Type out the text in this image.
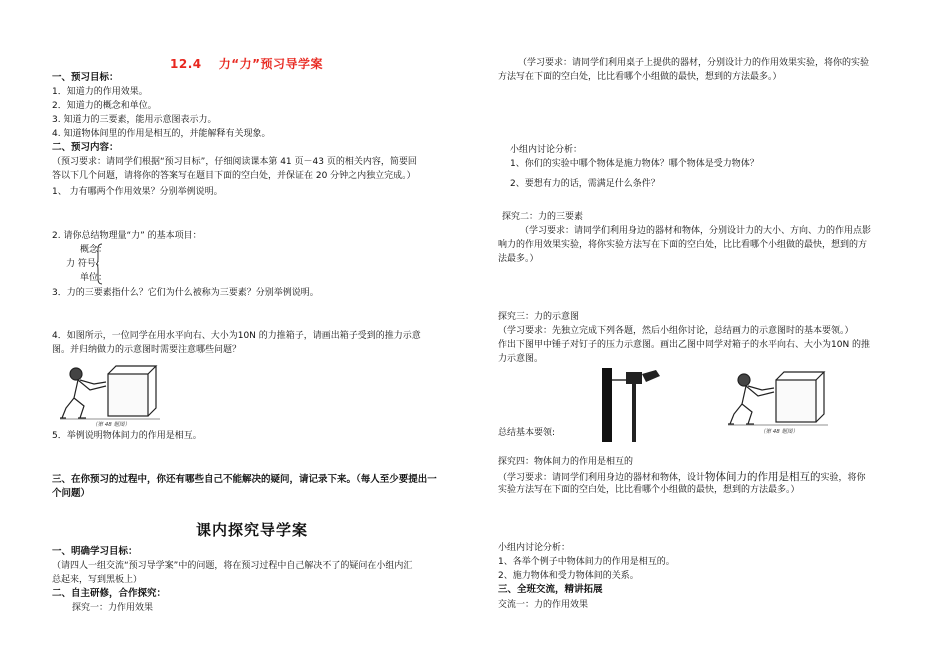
12.4　 力“力”预习导学案
一、预习目标：
1．知道力的作用效果。
2．知道力的概念和单位。
3. 知道力的三要素，能用示意图表示力。
4. 知道物体间里的作用是相互的，并能解释有关现象。
二、预习内容：
（预习要求：请同学们根据“预习目标”，仔细阅读课本第 41 页－43 页的相关内容，简要回
答以下几个问题，请将你的答案写在题目下面的空白处，并保证在 20 分钟之内独立完成。）
1、 力有哪两个作用效果？分别举例说明。
2. 请你总结物理量“力” 的基本项目：
概念：
力 符号：
单位：
3．力的三要素指什么？它们为什么被称为三要素？分别举例说明。
4．如图所示，一位同学在用水平向右、大小为10N 的力推箱子，请画出箱子受到的推力示意
图。并归纳做力的示意图时需要注意哪些问题？
（第 48 题图）
5．举例说明物体间力的作用是相互。
三、在你预习的过程中，你还有哪些自己不能解决的疑问，请记录下来。（每人至少要提出一
个问题）
课内探究导学案
一、明确学习目标：
（请四人一组交流“预习导学案”中的问题，将在预习过程中自己解决不了的疑问在小组内汇
总起来，写到黑板上）
二、自主研修，合作探究：
探究一：力作用效果
（学习要求：请同学们利用桌子上提供的器材，分别设计力的作用效果实验，将你的实验
方法写在下面的空白处，比比看哪个小组做的最快，想到的方法最多。）
小组内讨论分析：
1、你们的实验中哪个物体是施力物体？哪个物体是受力物体？
2、要想有力的话，需满足什么条件？
探究二：力的三要素
（学习要求：请同学们利用身边的器材和物体，分别设计力的大小、方向、力的作用点影
响力的作用效果实验，将你实验方法写在下面的空白处，比比看哪个小组做的最快，想到的方
法最多。）
探究三：力的示意图
（学习要求：先独立完成下列各题，然后小组你讨论，总结画力的示意图时的基本要领。）
作出下图甲中锤子对钉子的压力示意图。画出乙图中同学对箱子的水平向右、大小为10N 的推
力示意图。
（第 48 题图）
总结基本要领:
探究四：物体间力的作用是相互的
（学习要求：请同学们利用身边的器材和物体，设计物体间力的作用是相互的实验，将你
实验方法写在下面的空白处，比比看哪个小组做的最快，想到的方法最多。）
小组内讨论分析：
1、各举个例子中物体间力的作用是相互的。
2、施力物体和受力物体间的关系。
三、全班交流，精讲拓展
交流一：力的作用效果
